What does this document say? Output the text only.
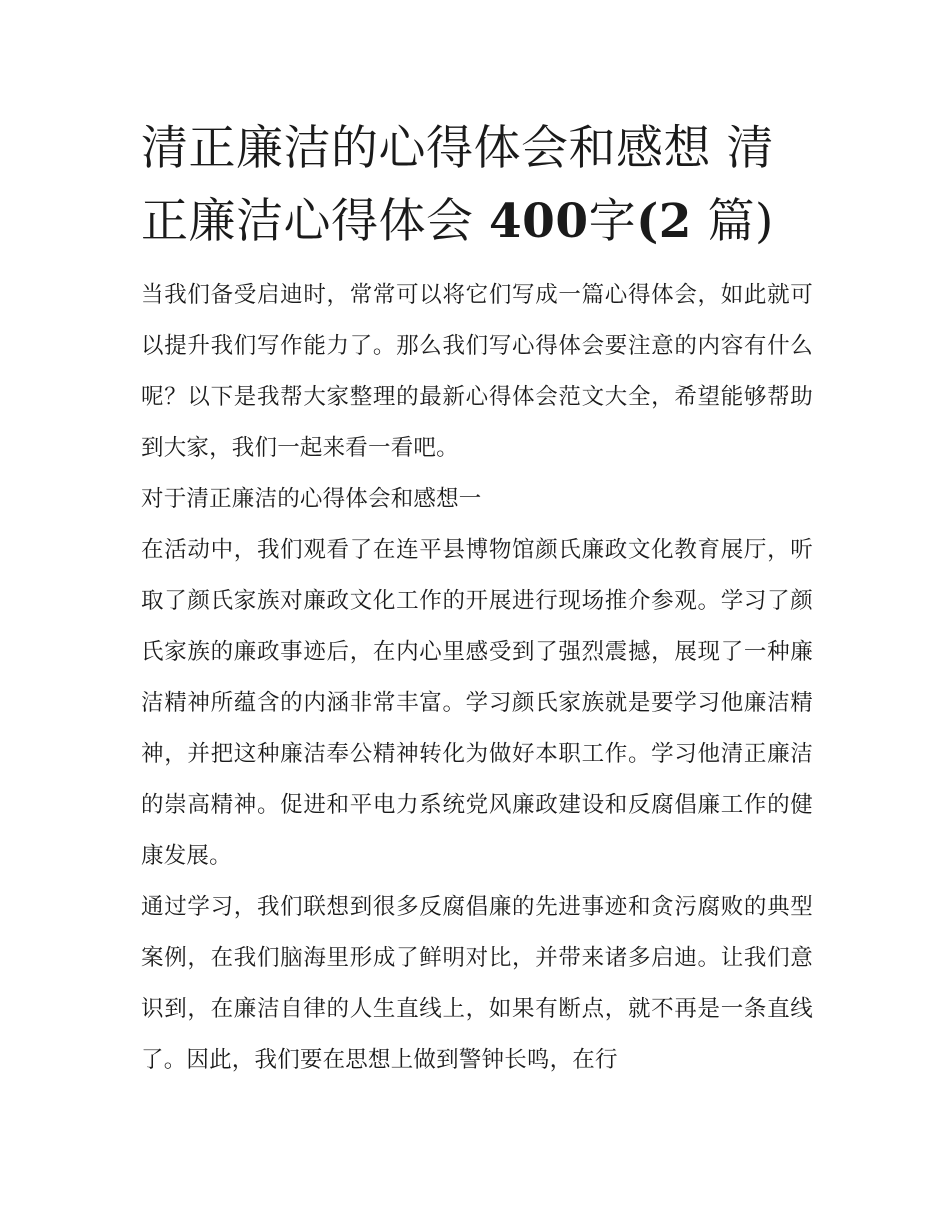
清正廉洁的心得体会和感想 清正廉洁心得体会 400字(2 篇)

当我们备受启迪时，常常可以将它们写成一篇心得体会，如此就可以提升我们写作能力了。那么我们写心得体会要注意的内容有什么呢？以下是我帮大家整理的最新心得体会范文大全，希望能够帮助到大家，我们一起来看一看吧。

对于清正廉洁的心得体会和感想一

在活动中，我们观看了在连平县博物馆颜氏廉政文化教育展厅，听取了颜氏家族对廉政文化工作的开展进行现场推介参观。学习了颜氏家族的廉政事迹后，在内心里感受到了强烈震撼，展现了一种廉洁精神所蕴含的内涵非常丰富。学习颜氏家族就是要学习他廉洁精神，并把这种廉洁奉公精神转化为做好本职工作。学习他清正廉洁的崇高精神。促进和平电力系统党风廉政建设和反腐倡廉工作的健康发展。

通过学习，我们联想到很多反腐倡廉的先进事迹和贪污腐败的典型案例，在我们脑海里形成了鲜明对比，并带来诸多启迪。让我们意识到，在廉洁自律的人生直线上，如果有断点，就不再是一条直线了。因此，我们要在思想上做到警钟长鸣，在行
